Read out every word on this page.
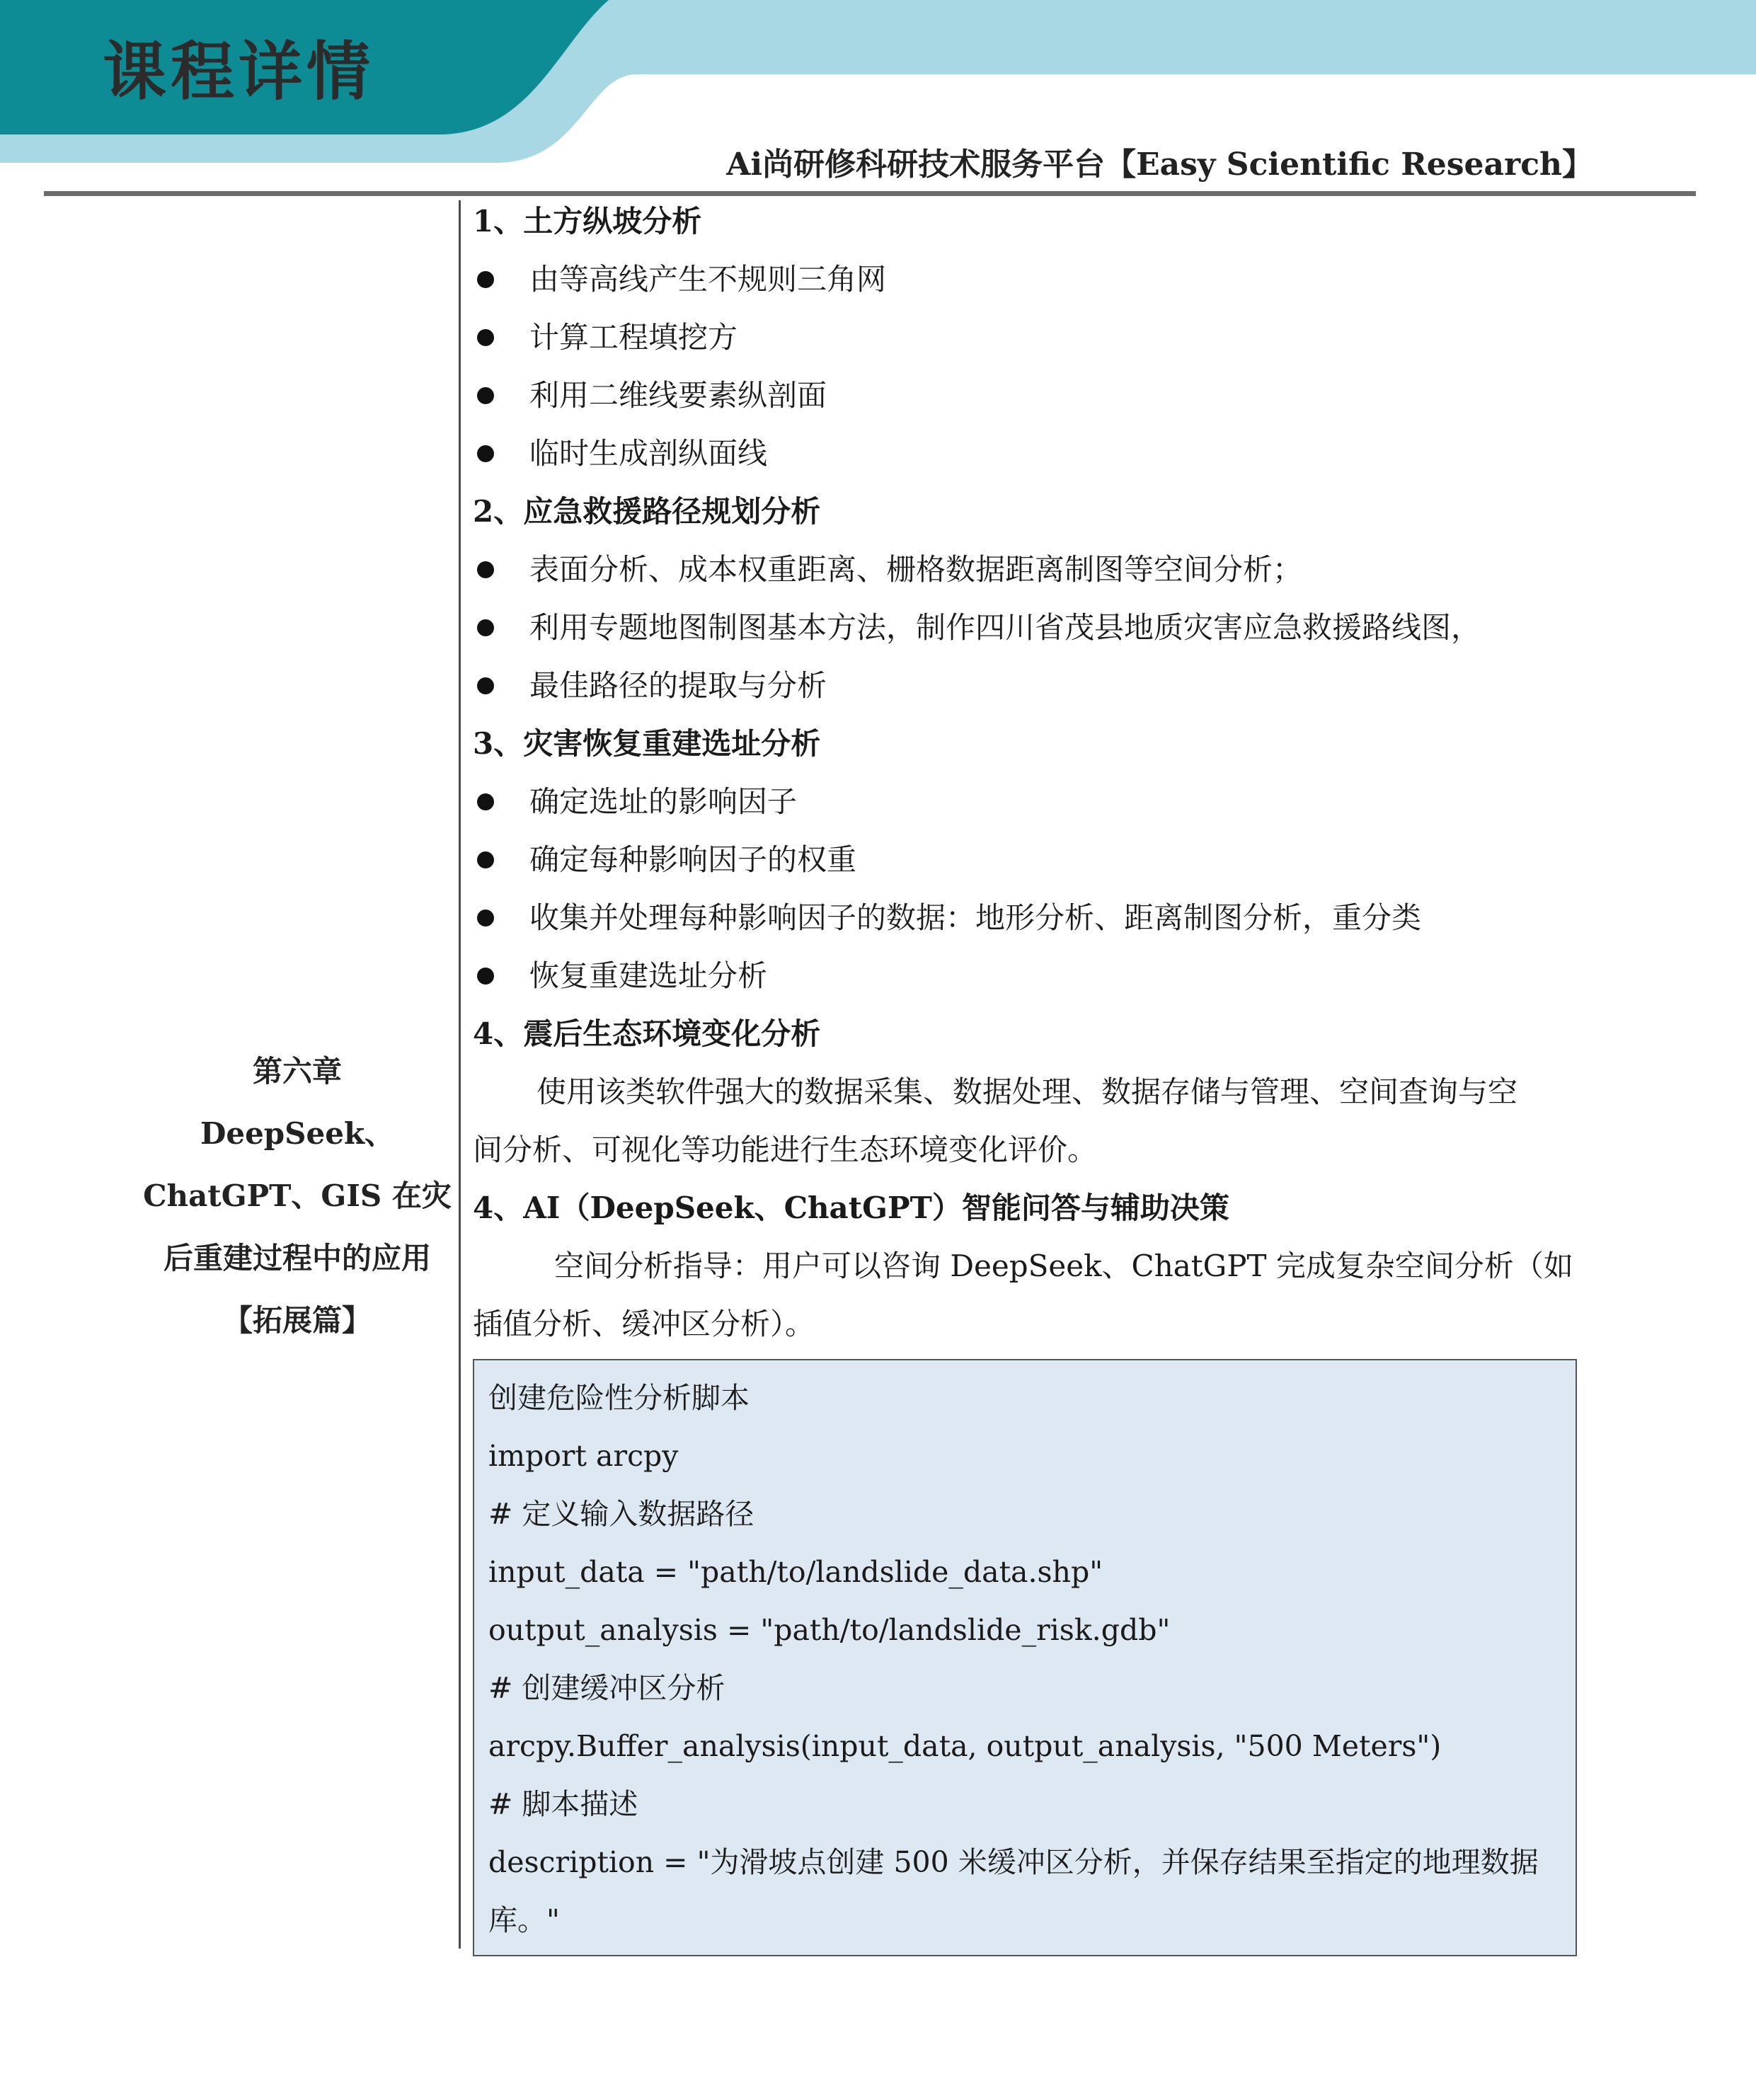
课程详情
Ai尚研修科研技术服务平台【Easy Scientific Research】
第六章
DeepSeek、
ChatGPT、GIS 在灾
后重建过程中的应用
【拓展篇】
1、土方纵坡分析
由等高线产生不规则三角网
计算工程填挖方
利用二维线要素纵剖面
临时生成剖纵面线
2、应急救援路径规划分析
表面分析、成本权重距离、栅格数据距离制图等空间分析；
利用专题地图制图基本方法，制作四川省茂县地质灾害应急救援路线图，
最佳路径的提取与分析
3、灾害恢复重建选址分析
确定选址的影响因子
确定每种影响因子的权重
收集并处理每种影响因子的数据：地形分析、距离制图分析，重分类
恢复重建选址分析
4、震后生态环境变化分析
使用该类软件强大的数据采集、数据处理、数据存储与管理、空间查询与空
间分析、可视化等功能进行生态环境变化评价。
4、AI（DeepSeek、ChatGPT）智能问答与辅助决策
空间分析指导：用户可以咨询 DeepSeek、ChatGPT 完成复杂空间分析（如
插值分析、缓冲区分析）。
创建危险性分析脚本
import arcpy
# 定义输入数据路径
input_data = "path/to/landslide_data.shp"
output_analysis = "path/to/landslide_risk.gdb"
# 创建缓冲区分析
arcpy.Buffer_analysis(input_data, output_analysis, "500 Meters")
# 脚本描述
description = "为滑坡点创建 500 米缓冲区分析，并保存结果至指定的地理数据
库。"
